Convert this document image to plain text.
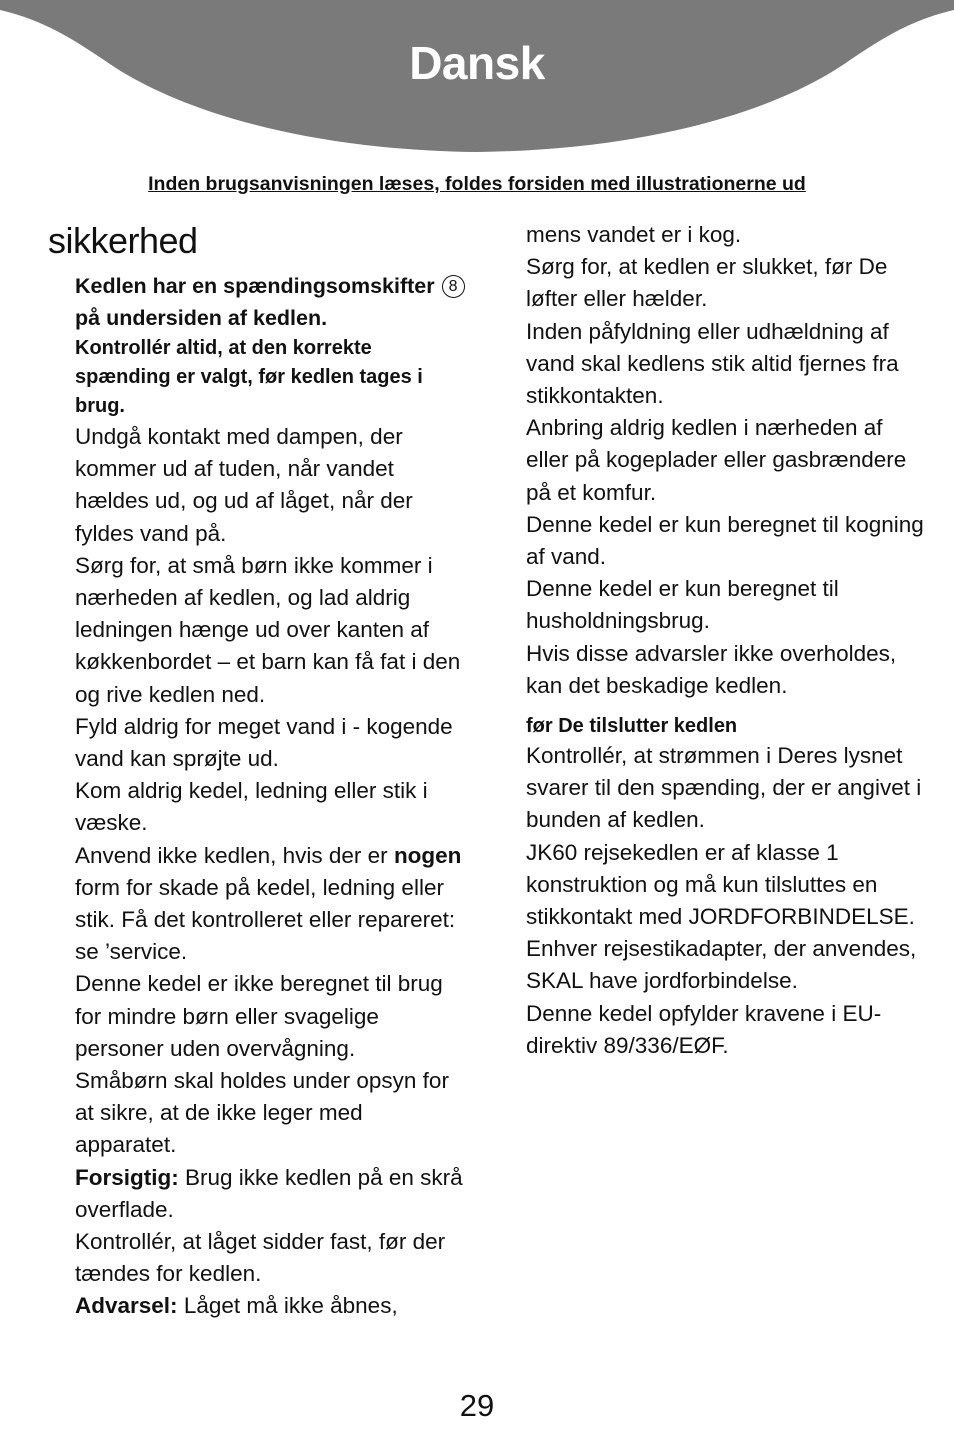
Dansk
Inden brugsanvisningen læses, foldes forsiden med illustrationerne ud
sikkerhed

Kedlen har en spændingsomskifter 8 på undersiden af kedlen.

Kontrollér altid, at den korrekte spænding er valgt, før kedlen tages i brug.

Undgå kontakt med dampen, der kommer ud af tuden, når vandet hældes ud, og ud af låget, når der fyldes vand på.

Sørg for, at små børn ikke kommer i nærheden af kedlen, og lad aldrig ledningen hænge ud over kanten af køkkenbordet – et barn kan få fat i den og rive kedlen ned.

Fyld aldrig for meget vand i - kogende vand kan sprøjte ud.

Kom aldrig kedel, ledning eller stik i væske.

Anvend ikke kedlen, hvis der er nogen form for skade på kedel, ledning eller stik. Få det kontrolleret eller repareret: se ’service.

Denne kedel er ikke beregnet til brug for mindre børn eller svagelige personer uden overvågning.

Småbørn skal holdes under opsyn for at sikre, at de ikke leger med apparatet.

Forsigtig: Brug ikke kedlen på en skrå overflade.

Kontrollér, at låget sidder fast, før der tændes for kedlen.

Advarsel: Låget må ikke åbnes,

mens vandet er i kog.

Sørg for, at kedlen er slukket, før De løfter eller hælder.

Inden påfyldning eller udhældning af vand skal kedlens stik altid fjernes fra stikkontakten.

Anbring aldrig kedlen i nærheden af eller på kogeplader eller gasbrændere på et komfur.

Denne kedel er kun beregnet til kogning af vand.

Denne kedel er kun beregnet til husholdningsbrug.

Hvis disse advarsler ikke overholdes, kan det beskadige kedlen.

før De tilslutter kedlen

Kontrollér, at strømmen i Deres lysnet svarer til den spænding, der er angivet i bunden af kedlen.

JK60 rejsekedlen er af klasse 1 konstruktion og må kun tilsluttes en stikkontakt med JORDFORBINDELSE. Enhver rejsestikadapter, der anvendes, SKAL have jordforbindelse.

Denne kedel opfylder kravene i EU-direktiv 89/336/EØF.

29
